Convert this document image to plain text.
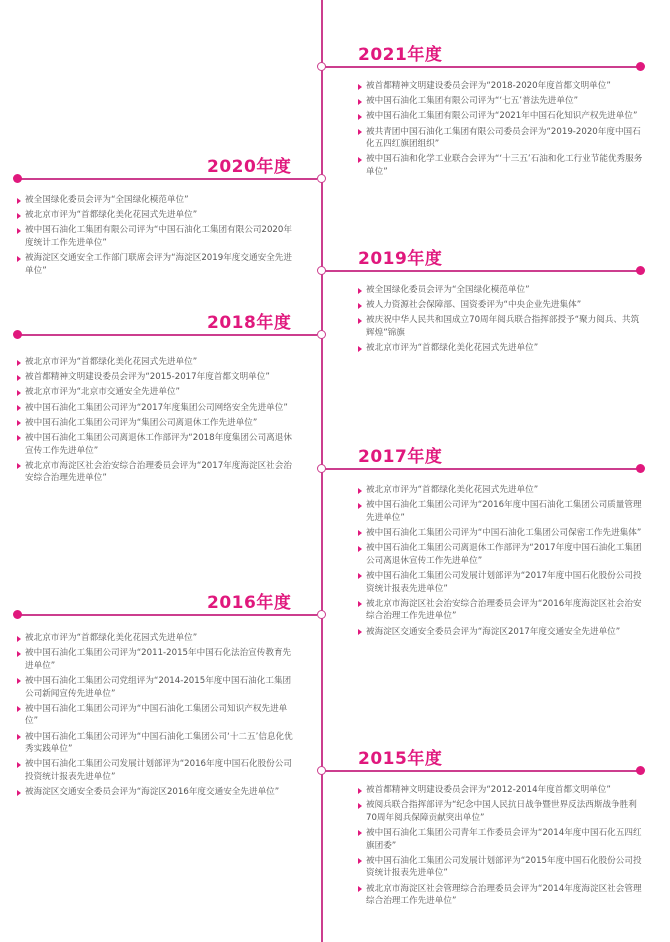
2021年度
被首都精神文明建设委员会评为“2018-2020年度首都文明单位”
被中国石油化工集团有限公司评为“‘七五’普法先进单位”
被中国石油化工集团有限公司评为“2021年中国石化知识产权先进单位”
被共青团中国石油化工集团有限公司委员会评为“2019-2020年度中国石化五四红旗团组织”
被中国石油和化学工业联合会评为“‘十三五’石油和化工行业节能优秀服务单位”
2020年度
被全国绿化委员会评为“全国绿化模范单位”
被北京市评为“首都绿化美化花园式先进单位”
被中国石油化工集团有限公司评为“中国石油化工集团有限公司2020年度统计工作先进单位”
被海淀区交通安全工作部门联席会评为“海淀区2019年度交通安全先进单位”
2019年度
被全国绿化委员会评为“全国绿化模范单位”
被人力资源社会保障部、国资委评为“中央企业先进集体”
被庆祝中华人民共和国成立70周年阅兵联合指挥部授予“聚力阅兵、共筑辉煌”锦旗
被北京市评为“首都绿化美化花园式先进单位”
2018年度
被北京市评为“首都绿化美化花园式先进单位”
被首都精神文明建设委员会评为“2015-2017年度首都文明单位”
被北京市评为“北京市交通安全先进单位”
被中国石油化工集团公司评为“2017年度集团公司网络安全先进单位”
被中国石油化工集团公司评为“集团公司离退休工作先进单位”
被中国石油化工集团公司离退休工作部评为“2018年度集团公司离退休宣传工作先进单位”
被北京市海淀区社会治安综合治理委员会评为“2017年度海淀区社会治安综合治理先进单位”
2017年度
被北京市评为“首都绿化美化花园式先进单位”
被中国石油化工集团公司评为“2016年度中国石油化工集团公司质量管理先进单位”
被中国石油化工集团公司评为“中国石油化工集团公司保密工作先进集体”
被中国石油化工集团公司离退休工作部评为“2017年度中国石油化工集团公司离退休宣传工作先进单位”
被中国石油化工集团公司发展计划部评为“2017年度中国石化股份公司投资统计报表先进单位”
被北京市海淀区社会治安综合治理委员会评为“2016年度海淀区社会治安综合治理工作先进单位”
被海淀区交通安全委员会评为“海淀区2017年度交通安全先进单位”
2016年度
被北京市评为“首都绿化美化花园式先进单位”
被中国石油化工集团公司评为“2011-2015年中国石化法治宣传教育先进单位”
被中国石油化工集团公司党组评为“2014-2015年度中国石油化工集团公司新闻宣传先进单位”
被中国石油化工集团公司评为“中国石油化工集团公司知识产权先进单位”
被中国石油化工集团公司评为“中国石油化工集团公司‘十二五’信息化优秀实践单位”
被中国石油化工集团公司发展计划部评为“2016年度中国石化股份公司投资统计报表先进单位”
被海淀区交通安全委员会评为“海淀区2016年度交通安全先进单位”
2015年度
被首都精神文明建设委员会评为“2012-2014年度首都文明单位”
被阅兵联合指挥部评为“纪念中国人民抗日战争暨世界反法西斯战争胜利70周年阅兵保障贡献突出单位”
被中国石油化工集团公司青年工作委员会评为“2014年度中国石化五四红旗团委”
被中国石油化工集团公司发展计划部评为“2015年度中国石化股份公司投资统计报表先进单位”
被北京市海淀区社会管理综合治理委员会评为“2014年度海淀区社会管理综合治理工作先进单位”
